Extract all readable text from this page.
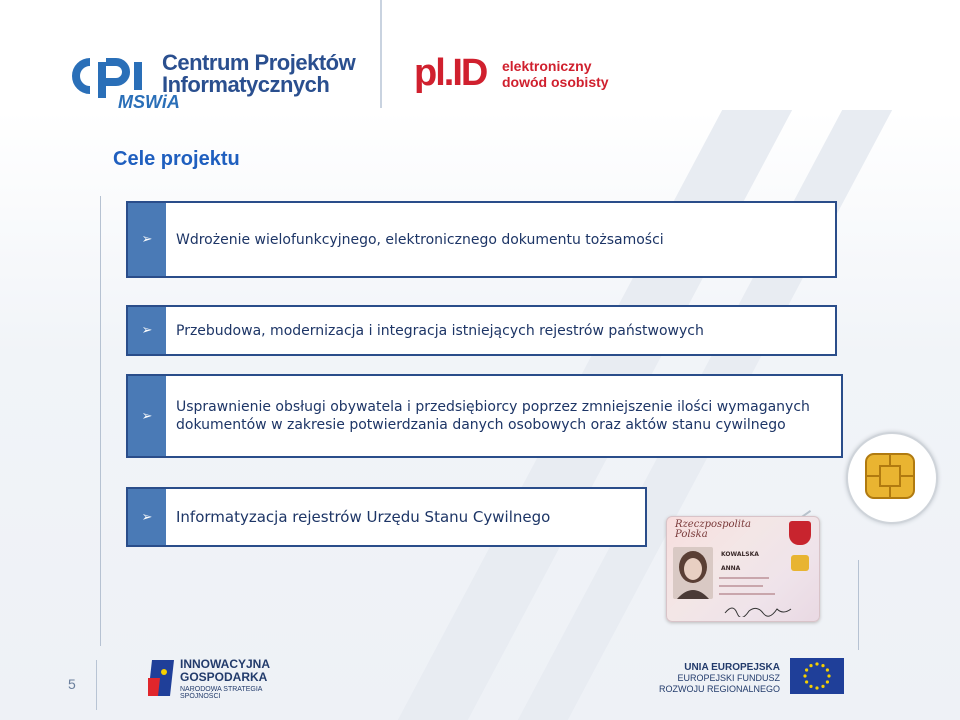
Centrum Projektów
Informatycznych
MSWiA
pl.ID elektroniczny
dowód osobisty
Cele projektu
➢ Wdrożenie wielofunkcyjnego, elektronicznego dokumentu tożsamości
➢ Przebudowa, modernizacja i integracja istniejących rejestrów państwowych
➢
Usprawnienie obsługi obywatela i przedsiębiorcy poprzez zmniejszenie ilości wymaganych dokumentów w zakresie potwierdzania danych osobowych oraz aktów stanu cywilnego
➢ Informatyzacja rejestrów Urzędu Stanu Cywilnego	Rzeczpospolita
Polska
KOWALSKA
ANNA
5
INNOWACYJNA
GOSPODARKA
NARODOWA STRATEGIA SPÓJNOŚCI
UNIA EUROPEJSKA
EUROPEJSKI FUNDUSZ
ROZWOJU REGIONALNEGO
